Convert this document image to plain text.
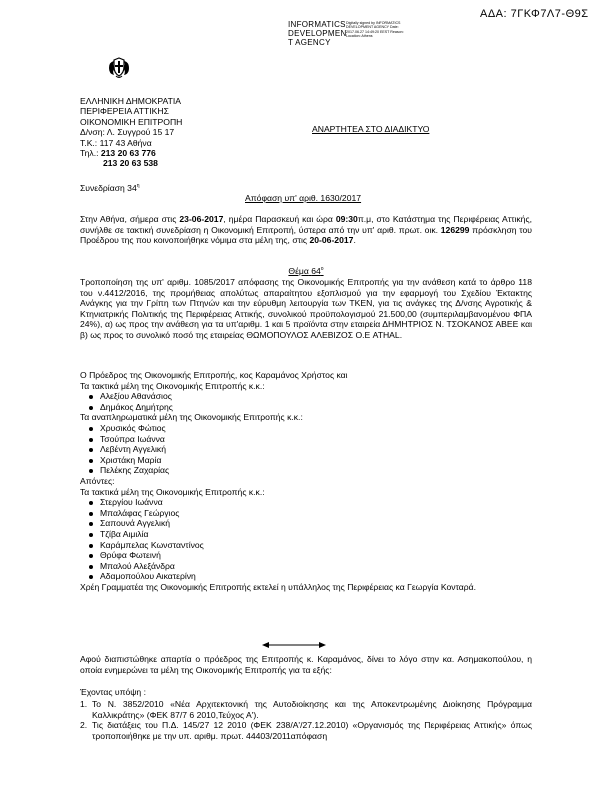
ΑΔΑ: 7ΓΚΦ7Λ7-Θ9Σ
INFORMATICS
DEVELOPMEN
T AGENCY
Digitally signed by INFORMATICS DEVELOPMENT AGENCY Date: 2017.06.27 14:49:20 EEST Reason: Location: Athens
ΕΛΛΗΝΙΚΗ ΔΗΜΟΚΡΑΤΙΑ
ΠΕΡΙΦΕΡΕΙΑ ΑΤΤΙΚΗΣ
ΟΙΚΟΝΟΜΙΚΗ ΕΠΙΤΡΟΠΗ
Δ/νση: Λ. Συγγρού 15 17
Τ.Κ.: 117 43 Αθήνα
Τηλ.: 213 20 63 776
213 20 63 538
ΑΝΑΡΤΗΤΕΑ ΣΤΟ ΔΙΑΔΙΚΤΥΟ
Συνεδρίαση $34^\eta$
Απόφαση υπ' αριθ. 1630/2017
Στην Αθήνα, σήμερα στις 23-06-2017, ημέρα Παρασκευή και ώρα 09:30π.μ, στο Κατάστημα της Περιφέρειας Αττικής, συνήλθε σε τακτική συνεδρίαση η Οικονομική Επιτροπή, ύστερα από την υπ' αριθ. πρωτ. οικ. 126299 πρόσκληση του Προέδρου της που κοινοποιήθηκε νόμιμα στα μέλη της, στις 20-06-2017.
Θέμα $64^o$
Τροποποίηση της υπ' αριθμ. 1085/2017 απόφασης της Οικονομικής Επιτροπής για την ανάθεση κατά το άρθρο 118 του ν.4412/2016, της προμήθειας απολύτως απαραίτητου εξοπλισμού για την εφαρμογή του Σχεδίου Έκτακτης Ανάγκης για την Γρίπη των Πτηνών και την εύρυθμη λειτουργία των ΤΚΕΝ, για τις ανάγκες της Δ/νσης Αγροτικής & Κτηνιατρικής Πολιτικής της Περιφέρειας Αττικής, συνολικού προϋπολογισμού 21.500,00 (συμπεριλαμβανομένου ΦΠΑ 24%), α) ως προς την ανάθεση για τα υπ'αριθμ. 1 και 5 προϊόντα στην εταιρεία ΔΗΜΗΤΡΙΟΣ Ν. ΤΣΟΚΑΝΟΣ ΑΒΕΕ και β) ως προς το συνολικό ποσό της εταιρείας ΘΩΜΟΠΟΥΛΟΣ ΑΛΕΒΙΖΟΣ Ο.Ε ATHAL.
Ο Πρόεδρος της Οικονομικής Επιτροπής, κος Καραμάνος Χρήστος και
Τα τακτικά μέλη της Οικονομικής Επιτροπής κ.κ.:
Αλεξίου Αθανάσιος
Δημάκος Δημήτρης
Τα αναπληρωματικά μέλη της Οικονομικής Επιτροπής κ.κ.:
Χρυσικός Φώτιος
Τσούπρα Ιωάννα
Λεβέντη Αγγελική
Χριστάκη Μαρία
Πελέκης Ζαχαρίας
Απόντες:
Τα τακτικά μέλη της Οικονομικής Επιτροπής κ.κ.:
Στεργίου Ιωάννα
Μπαλάφας Γεώργιος
Σαπουνά Αγγελική
Τζίβα Αιμιλία
Καράμπελας Κωνσταντίνος
Θρύφα Φωτεινή
Μπαλού Αλεξάνδρα
Αδαμοπούλου Αικατερίνη
Χρέη Γραμματέα της Οικονομικής Επιτροπής εκτελεί η υπάλληλος της Περιφέρειας κα Γεωργία Κονταρά.
Αφού διαπιστώθηκε απαρτία ο πρόεδρος της Επιτροπής κ. Καραμάνος, δίνει το λόγο στην κα. Ασημακοπούλου, η οποία ενημερώνει τα μέλη της Οικονομικής Επιτροπής για τα εξής:
Έχοντας υπόψη :
1. Το Ν. 3852/2010 «Νέα Αρχιτεκτονική της Αυτοδιοίκησης και της Αποκεντρωμένης Διοίκησης Πρόγραμμα Καλλικράτης» (ΦΕΚ 87/7 6 2010,Τεύχος Α').
2. Τις διατάξεις του Π.Δ. 145/27 12 2010 (ΦΕΚ 238/Α'/27.12.2010) «Οργανισμός της Περιφέρειας Αττικής» όπως τροποποιήθηκε με την υπ. αριθμ. πρωτ. 44403/2011απόφαση
